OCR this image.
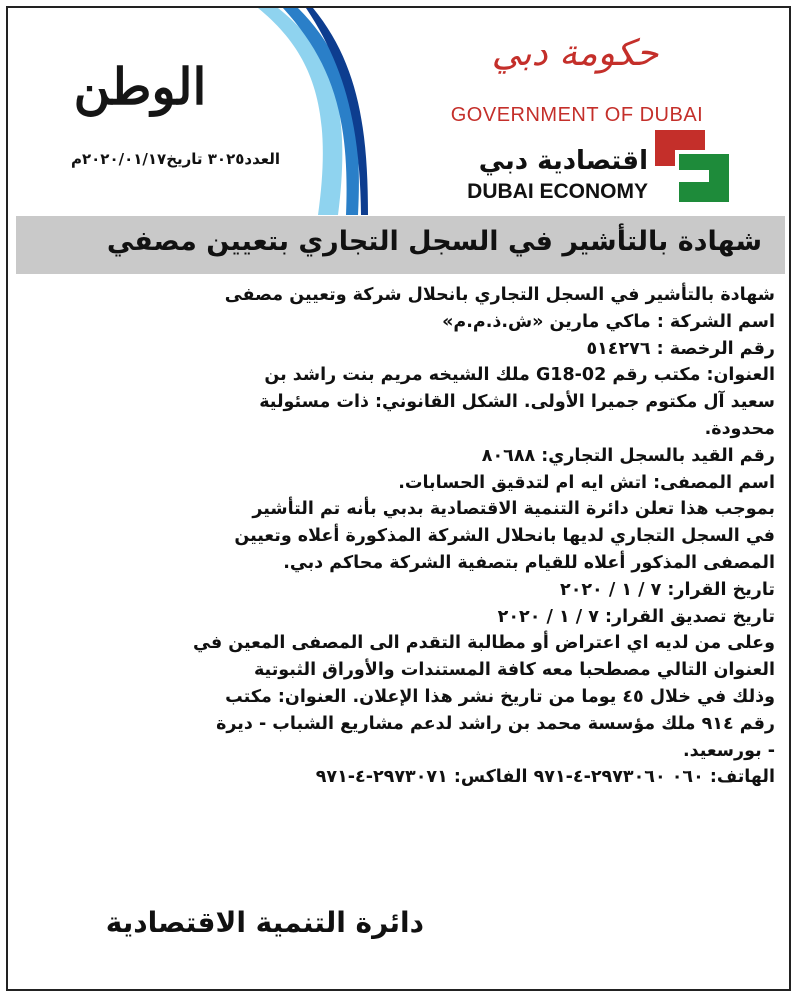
الوطن
العدد٣٠٢٥ تاريخ٢٠٢٠/٠١/١٧م
حكومة دبي
GOVERNMENT OF DUBAI
اقتصادية دبي
DUBAI ECONOMY
شهادة بالتأشير في السجل التجاري بتعيين مصفي

شهادة بالتأشير في السجل التجاري بانحلال شركة وتعيين مصفى

اسم الشركة : ماكي مارين «ش.ذ.م.م»

رقم الرخصة : ٥١٤٢٧٦

العنوان: مكتب رقم G18-02 ملك الشيخه مريم بنت راشد بن

سعيد آل مكتوم جميرا الأولى. الشكل القانوني: ذات مسئولية

محدودة.

رقم القيد بالسجل التجاري: ٨٠٦٨٨

اسم المصفى: اتش ايه ام لتدقيق الحسابات.

بموجب هذا تعلن دائرة التنمية الاقتصادية بدبي بأنه تم التأشير

في السجل التجاري لديها بانحلال الشركة المذكورة أعلاه وتعيين

المصفى المذكور أعلاه للقيام بتصفية الشركة محاكم دبي.

تاريخ القرار: ٧ / ١ / ٢٠٢٠

تاريخ تصديق القرار: ٧ / ١ / ٢٠٢٠

وعلى من لديه اي اعتراض أو مطالبة التقدم الى المصفى المعين في

العنوان التالي مصطحبا معه كافة المستندات والأوراق الثبوتية

وذلك في خلال ٤٥ يوما من تاريخ نشر هذا الإعلان. العنوان: مكتب

رقم ٩١٤ ملك مؤسسة محمد بن راشد لدعم مشاريع الشباب - ديرة

- بورسعيد.

الهاتف: ٠٦٠ ٢٩٧٣٠٦٠-٤-٩٧١ الفاكس: ٢٩٧٣٠٧١-٤-٩٧١

دائرة التنمية الاقتصادية
